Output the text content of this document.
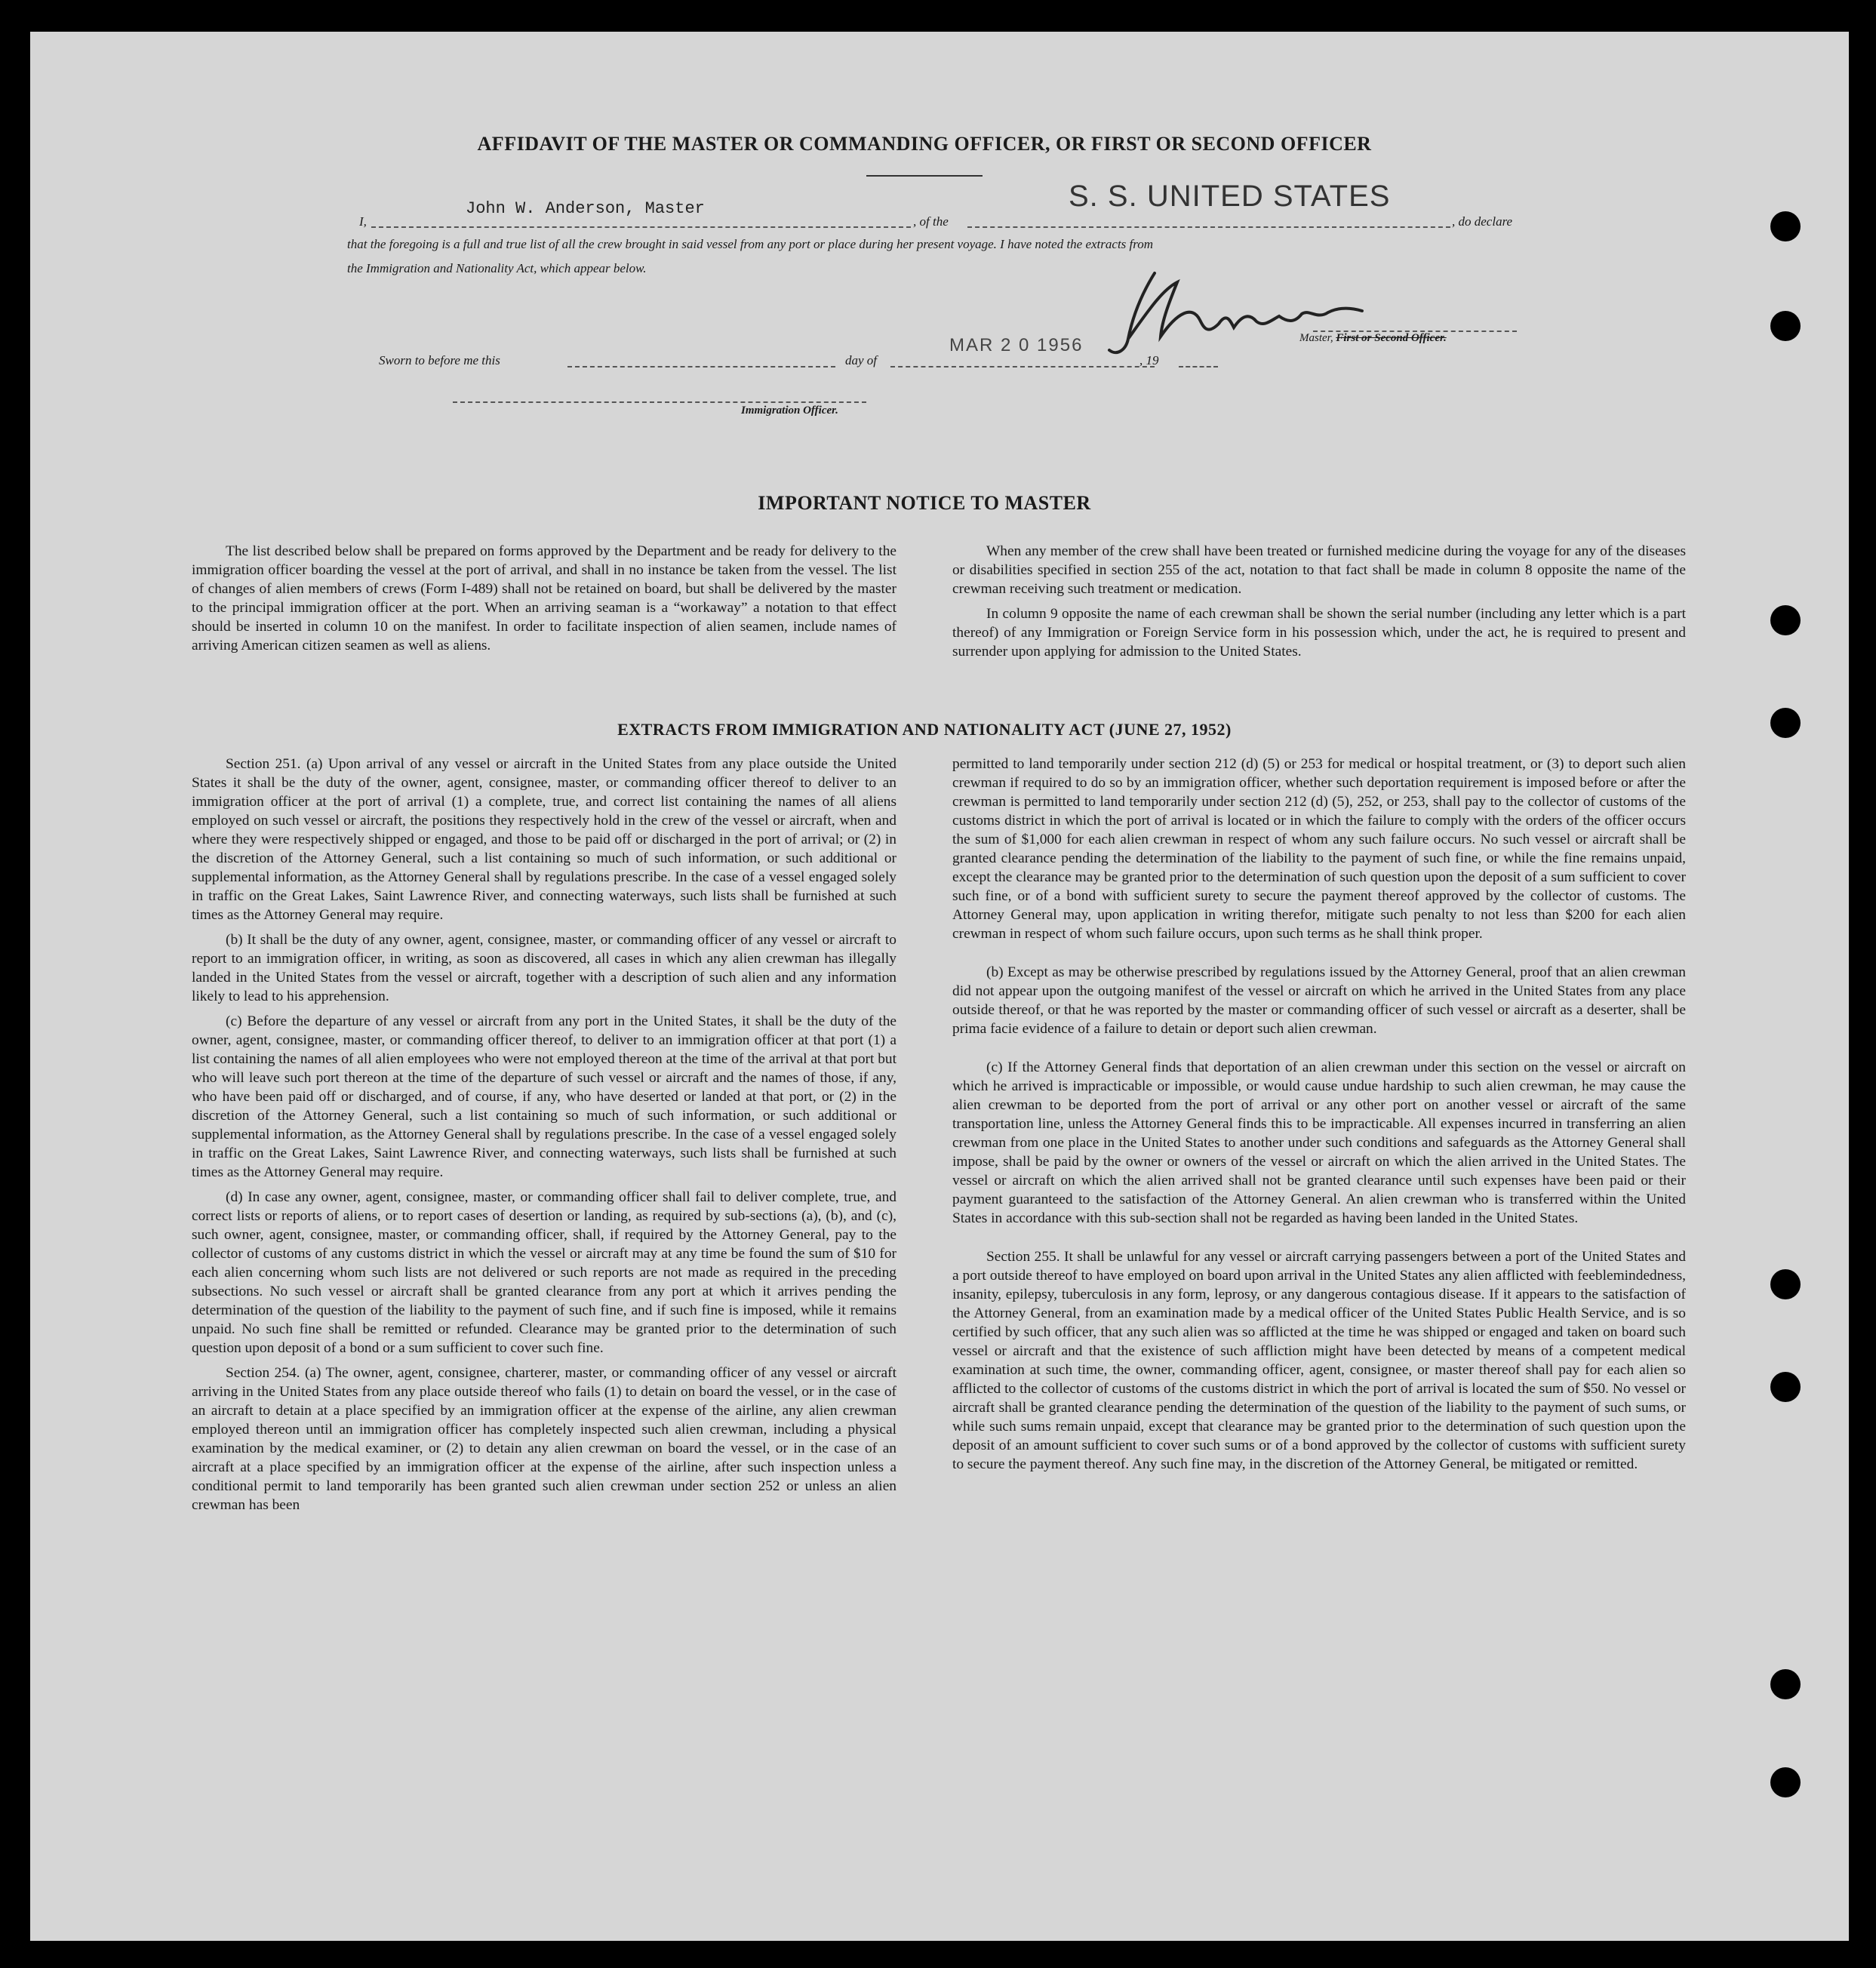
AFFIDAVIT OF THE MASTER OR COMMANDING OFFICER, OR FIRST OR SECOND OFFICER
I,
John W. Anderson, Master
, of the
S. S. UNITED STATES
, do declare
that the foregoing is a full and true list of all the crew brought in said vessel from any port or place during her present voyage. I have noted the extracts from
the Immigration and Nationality Act, which appear below.
Master, First or Second Officer.
Sworn to before me this	day of
MAR 2 0 1956
, 19
Immigration Officer.
IMPORTANT NOTICE TO MASTER

The list described below shall be prepared on forms approved by the Department and be ready for delivery to the immigration officer boarding the vessel at the port of arrival, and shall in no instance be taken from the vessel. The list of changes of alien members of crews (Form I-489) shall not be retained on board, but shall be delivered by the master to the principal immigration officer at the port. When an arriving seaman is a “workaway” a notation to that effect should be inserted in column 10 on the manifest. In order to facilitate inspection of alien seamen, include names of arriving American citizen seamen as well as aliens.

When any member of the crew shall have been treated or furnished medicine during the voyage for any of the diseases or disabilities specified in section 255 of the act, notation to that fact shall be made in column 8 opposite the name of the crewman receiving such treatment or medication.

In column 9 opposite the name of each crewman shall be shown the serial number (including any letter which is a part thereof) of any Immigration or Foreign Service form in his possession which, under the act, he is required to present and surrender upon applying for admission to the United States.

EXTRACTS FROM IMMIGRATION AND NATIONALITY ACT (JUNE 27, 1952)

Section 251. (a) Upon arrival of any vessel or aircraft in the United States from any place outside the United States it shall be the duty of the owner, agent, consignee, master, or commanding officer thereof to deliver to an immigration officer at the port of arrival (1) a complete, true, and correct list containing the names of all aliens employed on such vessel or aircraft, the positions they respectively hold in the crew of the vessel or aircraft, when and where they were respectively shipped or engaged, and those to be paid off or discharged in the port of arrival; or (2) in the discretion of the Attorney General, such a list containing so much of such information, or such additional or supplemental information, as the Attorney General shall by regulations prescribe. In the case of a vessel engaged solely in traffic on the Great Lakes, Saint Lawrence River, and connecting waterways, such lists shall be furnished at such times as the Attorney General may require.

(b) It shall be the duty of any owner, agent, consignee, master, or commanding officer of any vessel or aircraft to report to an immigration officer, in writing, as soon as discovered, all cases in which any alien crewman has illegally landed in the United States from the vessel or aircraft, together with a description of such alien and any information likely to lead to his apprehension.

(c) Before the departure of any vessel or aircraft from any port in the United States, it shall be the duty of the owner, agent, consignee, master, or commanding officer thereof, to deliver to an immigration officer at that port (1) a list containing the names of all alien employees who were not employed thereon at the time of the arrival at that port but who will leave such port thereon at the time of the departure of such vessel or aircraft and the names of those, if any, who have been paid off or discharged, and of course, if any, who have deserted or landed at that port, or (2) in the discretion of the Attorney General, such a list containing so much of such information, or such additional or supplemental information, as the Attorney General shall by regulations prescribe. In the case of a vessel engaged solely in traffic on the Great Lakes, Saint Lawrence River, and connecting waterways, such lists shall be furnished at such times as the Attorney General may require.

(d) In case any owner, agent, consignee, master, or commanding officer shall fail to deliver complete, true, and correct lists or reports of aliens, or to report cases of desertion or landing, as required by sub-sections (a), (b), and (c), such owner, agent, consignee, master, or commanding officer, shall, if required by the Attorney General, pay to the collector of customs of any customs district in which the vessel or aircraft may at any time be found the sum of $10 for each alien concerning whom such lists are not delivered or such reports are not made as required in the preceding subsections. No such vessel or aircraft shall be granted clearance from any port at which it arrives pending the determination of the question of the liability to the payment of such fine, and if such fine is imposed, while it remains unpaid. No such fine shall be remitted or refunded. Clearance may be granted prior to the determination of such question upon deposit of a bond or a sum sufficient to cover such fine.

Section 254. (a) The owner, agent, consignee, charterer, master, or commanding officer of any vessel or aircraft arriving in the United States from any place outside thereof who fails (1) to detain on board the vessel, or in the case of an aircraft to detain at a place specified by an immigration officer at the expense of the airline, any alien crewman employed thereon until an immigration officer has completely inspected such alien crewman, including a physical examination by the medical examiner, or (2) to detain any alien crewman on board the vessel, or in the case of an aircraft at a place specified by an immigration officer at the expense of the airline, after such inspection unless a conditional permit to land temporarily has been granted such alien crewman under section 252 or unless an alien crewman has been

permitted to land temporarily under section 212 (d) (5) or 253 for medical or hospital treatment, or (3) to deport such alien crewman if required to do so by an immigration officer, whether such deportation requirement is imposed before or after the crewman is permitted to land temporarily under section 212 (d) (5), 252, or 253, shall pay to the collector of customs of the customs district in which the port of arrival is located or in which the failure to comply with the orders of the officer occurs the sum of $1,000 for each alien crewman in respect of whom any such failure occurs. No such vessel or aircraft shall be granted clearance pending the determination of the liability to the payment of such fine, or while the fine remains unpaid, except the clearance may be granted prior to the determination of such question upon the deposit of a sum sufficient to cover such fine, or of a bond with sufficient surety to secure the payment thereof approved by the collector of customs. The Attorney General may, upon application in writing therefor, mitigate such penalty to not less than $200 for each alien crewman in respect of whom such failure occurs, upon such terms as he shall think proper.

(b) Except as may be otherwise prescribed by regulations issued by the Attorney General, proof that an alien crewman did not appear upon the outgoing manifest of the vessel or aircraft on which he arrived in the United States from any place outside thereof, or that he was reported by the master or commanding officer of such vessel or aircraft as a deserter, shall be prima facie evidence of a failure to detain or deport such alien crewman.

(c) If the Attorney General finds that deportation of an alien crewman under this section on the vessel or aircraft on which he arrived is impracticable or impossible, or would cause undue hardship to such alien crewman, he may cause the alien crewman to be deported from the port of arrival or any other port on another vessel or aircraft of the same transportation line, unless the Attorney General finds this to be impracticable. All expenses incurred in transferring an alien crewman from one place in the United States to another under such conditions and safeguards as the Attorney General shall impose, shall be paid by the owner or owners of the vessel or aircraft on which the alien arrived in the United States. The vessel or aircraft on which the alien arrived shall not be granted clearance until such expenses have been paid or their payment guaranteed to the satisfaction of the Attorney General. An alien crewman who is transferred within the United States in accordance with this sub-section shall not be regarded as having been landed in the United States.

Section 255. It shall be unlawful for any vessel or aircraft carrying passengers between a port of the United States and a port outside thereof to have employed on board upon arrival in the United States any alien afflicted with feeblemindedness, insanity, epilepsy, tuberculosis in any form, leprosy, or any dangerous contagious disease. If it appears to the satisfaction of the Attorney General, from an examination made by a medical officer of the United States Public Health Service, and is so certified by such officer, that any such alien was so afflicted at the time he was shipped or engaged and taken on board such vessel or aircraft and that the existence of such affliction might have been detected by means of a competent medical examination at such time, the owner, commanding officer, agent, consignee, or master thereof shall pay for each alien so afflicted to the collector of customs of the customs district in which the port of arrival is located the sum of $50. No vessel or aircraft shall be granted clearance pending the determination of the question of the liability to the payment of such sums, or while such sums remain unpaid, except that clearance may be granted prior to the determination of such question upon the deposit of an amount sufficient to cover such sums or of a bond approved by the collector of customs with sufficient surety to secure the payment thereof. Any such fine may, in the discretion of the Attorney General, be mitigated or remitted.
